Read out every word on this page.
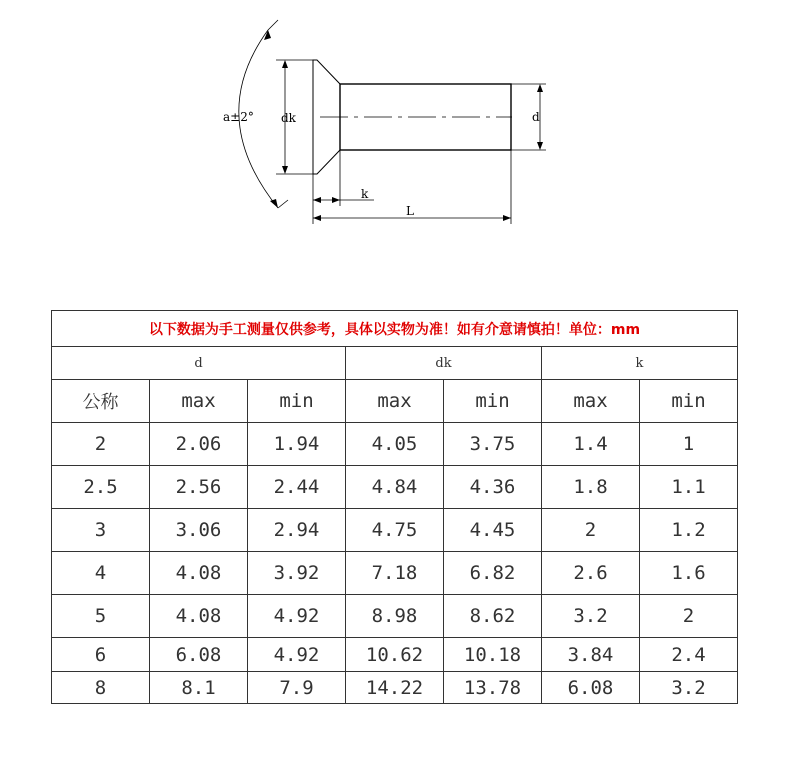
a±2° dk	d
k
L
以下数据为手工测量仅供参考，具体以实物为准！如有介意请慎拍！单位：mm						
d			dk		k	
公称	max	min	max	min	max	min
2	2.06	1.94	4.05	3.75	1.4	1
2.5	2.56	2.44	4.84	4.36	1.8	1.1
3	3.06	2.94	4.75	4.45	2	1.2
4	4.08	3.92	7.18	6.82	2.6	1.6
5	4.08	4.92	8.98	8.62	3.2	2
6	6.08	4.92	10.62	10.18	3.84	2.4
8	8.1	7.9	14.22	13.78	6.08	3.2
